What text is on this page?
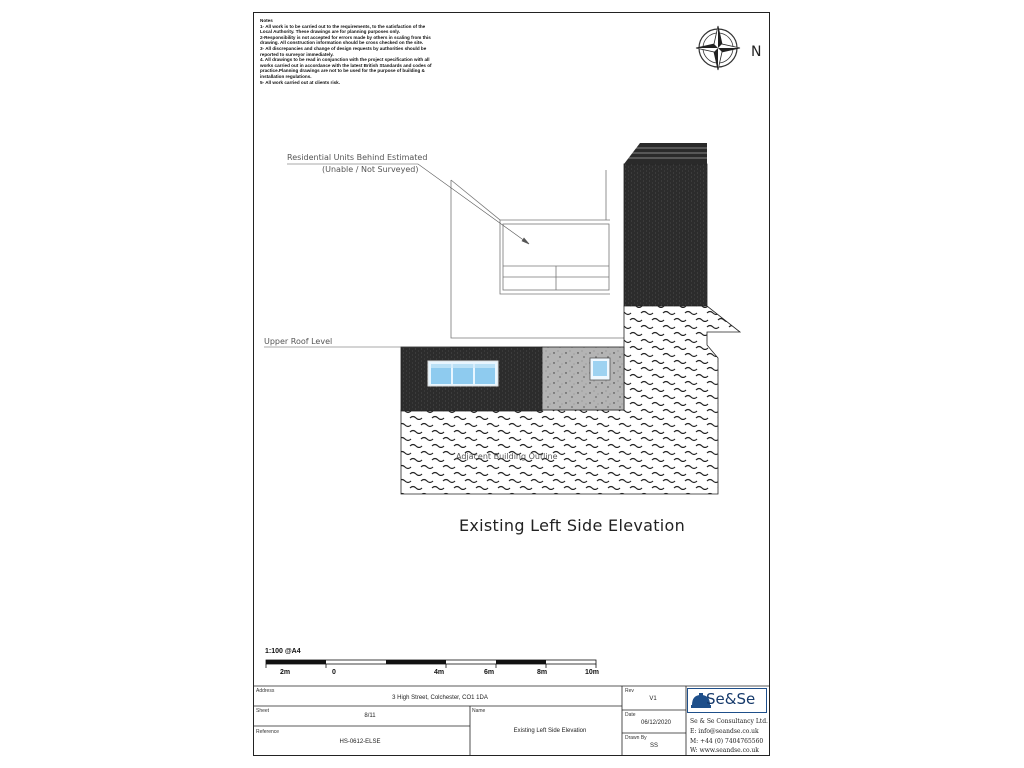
Notes
1- All work is to be carried out to the requirements, to the satisfaction of the
Local Authority. These drawings are for planning purposes only.
2-Responsibility is not accepted for errors made by others in scaling from this
drawing. All construction information should be cross checked on the site.
3- All discrepancies and change of design requests by authorities should be
reported to surveyor immediately.
4. All drawings to be read in conjunction with the project specification with all
works carried out in accordance with the latest British Standards and codes of
practice.Planning drawings are not to be used for the purpose of building &
installation regulations.
5- All work carried out at clients risk.
Residential Units Behind Estimated
(Unable / Not Surveyed)
Upper Roof Level
Adjacent Building Outline
N
Existing Left Side Elevation
1:100 @A4
2m	0	4m	6m	8m	10m
Address
3 High Street, Colchester, CO1 1DA
Sheet
8/11
Reference
HS-0612-ELSE
Name
Existing Left Side Elevation
Rev
V1
Date
06/12/2020
Drawn By
SS
Se&Se
Se & Se Consultancy Ltd.
E: info@seandse.co.uk
M: +44 (0) 7404765560
W: www.seandse.co.uk
